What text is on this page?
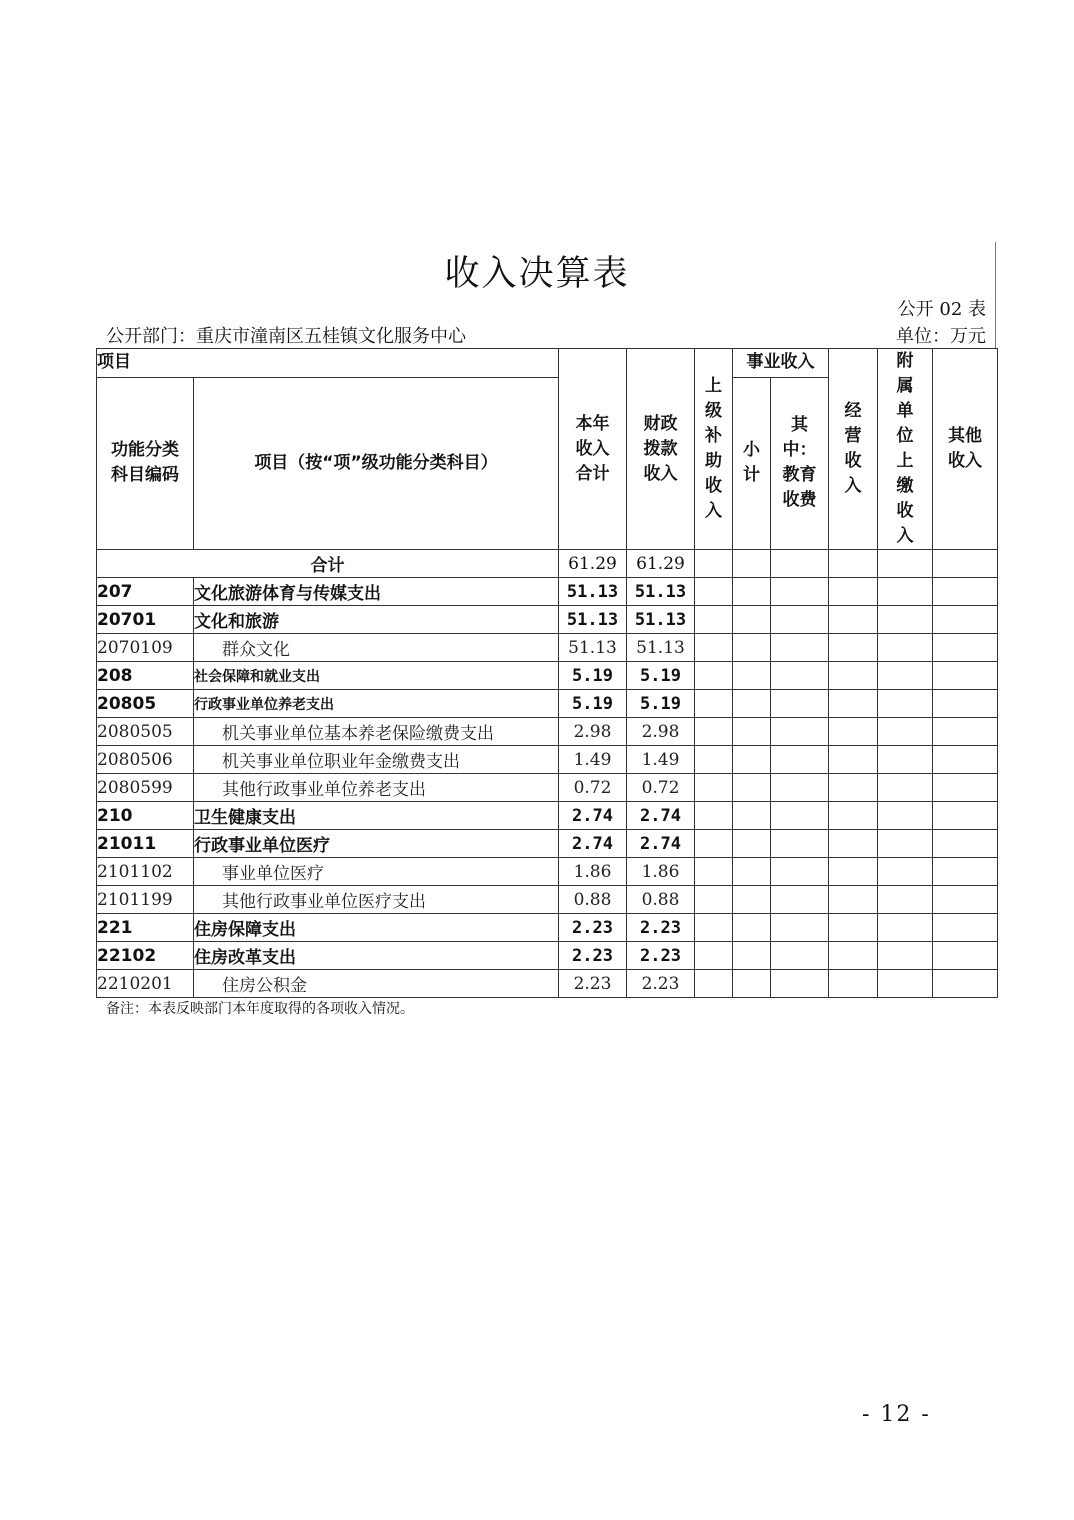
收入决算表
公开 02 表
公开部门：重庆市潼南区五桂镇文化服务中心	单位：万元
项目		本年收入合计	财政拨款收入	上级补助收入	事业收入		经营收入	附属单位上缴收入	其他收入
功能分类科目编码	项目（按“项”级功能分类科目）				小计	其中：教育收费			
合计		61.29	61.29						
207	文化旅游体育与传媒支出	51.13	51.13						
20701	文化和旅游	51.13	51.13						
2070109	群众文化	51.13	51.13						
208	社会保障和就业支出	5.19	5.19						
20805	行政事业单位养老支出	5.19	5.19						
2080505	机关事业单位基本养老保险缴费支出	2.98	2.98						
2080506	机关事业单位职业年金缴费支出	1.49	1.49						
2080599	其他行政事业单位养老支出	0.72	0.72						
210	卫生健康支出	2.74	2.74						
21011	行政事业单位医疗	2.74	2.74						
2101102	事业单位医疗	1.86	1.86						
2101199	其他行政事业单位医疗支出	0.88	0.88						
221	住房保障支出	2.23	2.23						
22102	住房改革支出	2.23	2.23						
2210201	住房公积金	2.23	2.23						
备注：本表反映部门本年度取得的各项收入情况。
- 12 -
